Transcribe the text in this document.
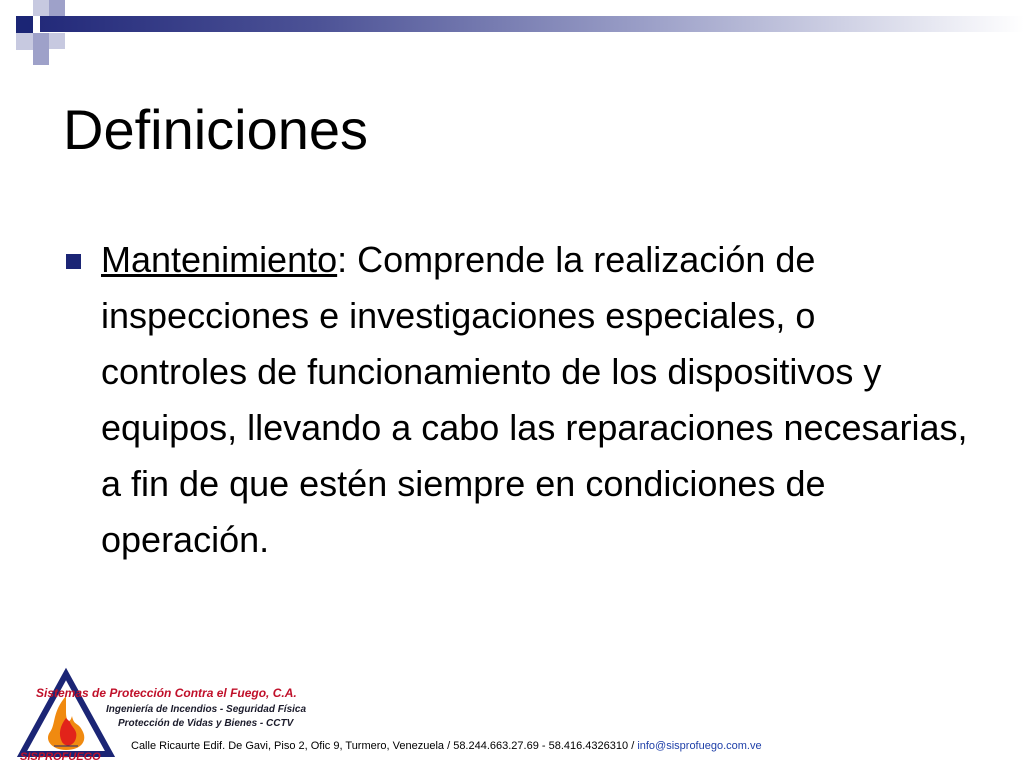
Definiciones

Mantenimiento: Comprende la realización de inspecciones e investigaciones especiales, o controles de funcionamiento de los dispositivos y equipos, llevando a cabo las reparaciones necesarias, a fin de que estén siempre en condiciones de operación.

Sistemas de Protección Contra el Fuego, C.A.
Ingeniería de Incendios - Seguridad Física
Protección de Vidas y Bienes - CCTV
SISPROFUEGO
Calle Ricaurte Edif. De Gavi, Piso 2, Ofic 9, Turmero, Venezuela / 58.244.663.27.69 - 58.416.4326310 / info@sisprofuego.com.ve
